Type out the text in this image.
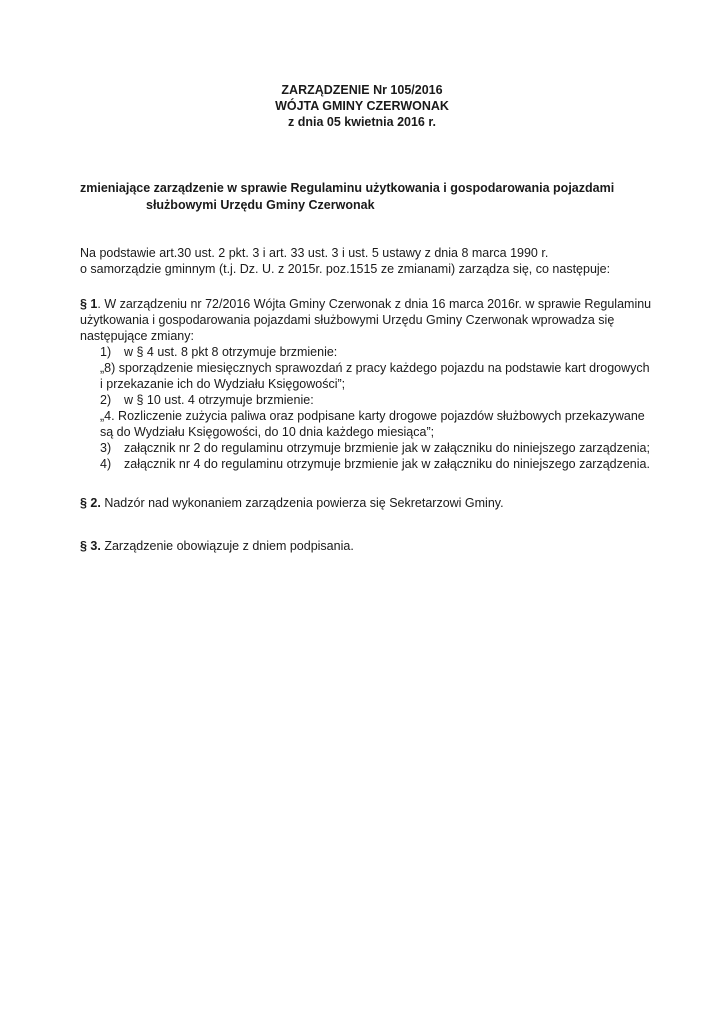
ZARZĄDZENIE Nr 105/2016

WÓJTA GMINY CZERWONAK

z dnia 05 kwietnia 2016 r.

zmieniające zarządzenie w sprawie Regulaminu użytkowania i gospodarowania pojazdami
służbowymi Urzędu Gminy Czerwonak

Na podstawie art.30 ust. 2 pkt. 3 i art. 33 ust. 3 i ust. 5 ustawy z dnia 8 marca 1990 r.

o samorządzie gminnym (t.j. Dz. U. z 2015r. poz.1515 ze zmianami) zarządza się, co następuje:

§ 1. W zarządzeniu nr 72/2016 Wójta Gminy Czerwonak z dnia 16 marca 2016r. w sprawie Regulaminu

użytkowania i gospodarowania pojazdami służbowymi Urzędu Gminy Czerwonak wprowadza się

następujące zmiany:

1) w § 4 ust. 8 pkt 8 otrzymuje brzmienie:

„8) sporządzenie miesięcznych sprawozdań z pracy każdego pojazdu na podstawie kart drogowych

i przekazanie ich do Wydziału Księgowości”;

2) w § 10 ust. 4 otrzymuje brzmienie:

„4. Rozliczenie zużycia paliwa oraz podpisane karty drogowe pojazdów służbowych przekazywane

są do Wydziału Księgowości, do 10 dnia każdego miesiąca”;

3) załącznik nr 2 do regulaminu otrzymuje brzmienie jak w załączniku do niniejszego zarządzenia;

4) załącznik nr 4 do regulaminu otrzymuje brzmienie jak w załączniku do niniejszego zarządzenia.

§ 2. Nadzór nad wykonaniem zarządzenia powierza się Sekretarzowi Gminy.

§ 3. Zarządzenie obowiązuje z dniem podpisania.
